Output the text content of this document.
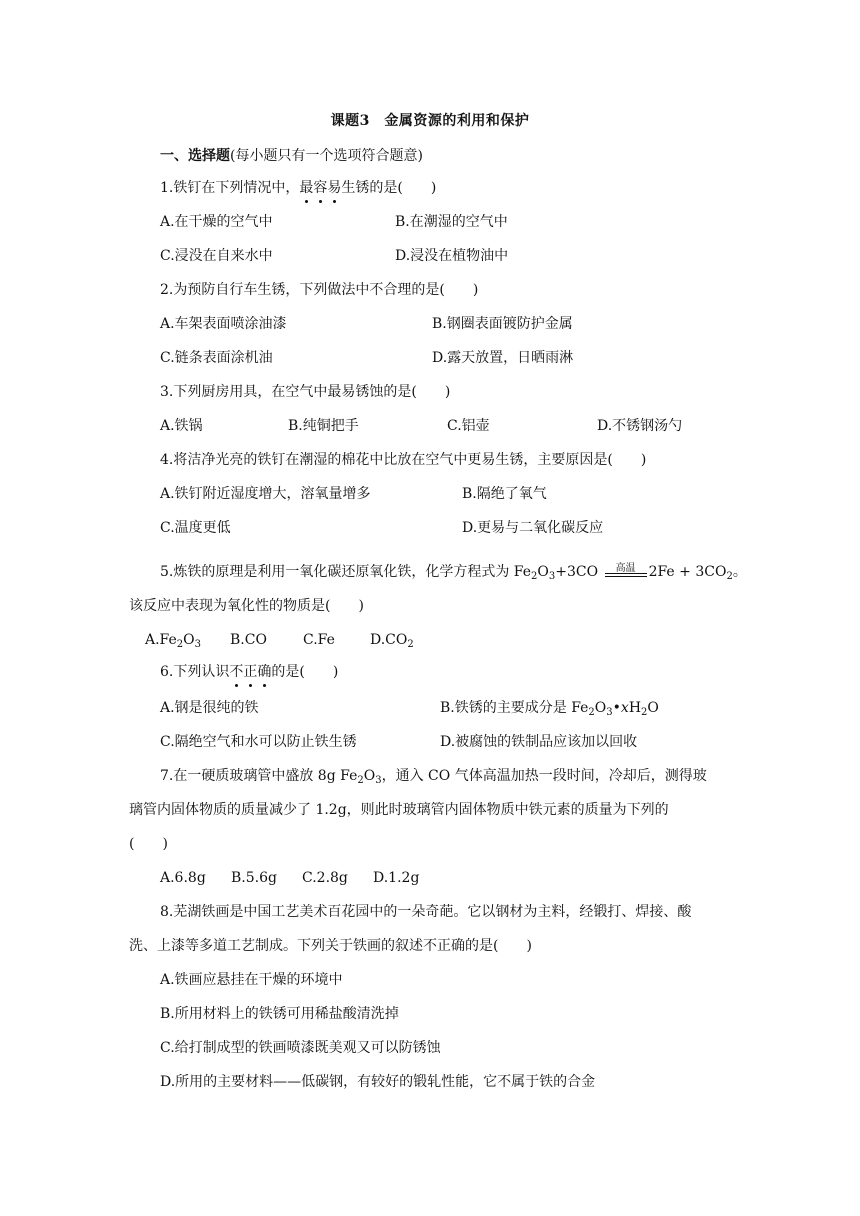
课题3　金属资源的利用和保护
一、选择题(每小题只有一个选项符合题意)
1.铁钉在下列情况中，最容易生锈的是(　　)
A.在干燥的空气中	B.在潮湿的空气中
C.浸没在自来水中	D.浸没在植物油中
2.为预防自行车生锈，下列做法中不合理的是(　　)
A.车架表面喷涂油漆	B.钢圈表面镀防护金属
C.链条表面涂机油	D.露天放置，日晒雨淋
3.下列厨房用具，在空气中最易锈蚀的是(　　)
A.铁锅	B.纯铜把手	C.铝壶	D.不锈钢汤勺
4.将洁净光亮的铁钉在潮湿的棉花中比放在空气中更易生锈，主要原因是(　　)
A.铁钉附近湿度增大，溶氧量增多	B.隔绝了氧气
C.温度更低	D.更易与二氧化碳反应
5.炼铁的原理是利用一氧化碳还原氧化铁，化学方程式为 $Fe_2O_3+3CO$	高温 $2Fe + 3CO_2$。
该反应中表现为氧化性的物质是(　　)
$A.Fe_2O_3$ B.CO	C.Fe	$D.CO_2$
6.下列认识不正确的是(　　)
A.钢是很纯的铁	B.铁锈的主要成分是 $Fe_2O_3•xH_2O$
C.隔绝空气和水可以防止铁生锈	D.被腐蚀的铁制品应该加以回收
7.在一硬质玻璃管中盛放 8g $Fe_2O_3$，通入 CO 气体高温加热一段时间，冷却后，测得玻
璃管内固体物质的质量减少了 1.2g，则此时玻璃管内固体物质中铁元素的质量为下列的
(　　)
A.6.8g B.5.6g C.2.8g D.1.2g
8.芜湖铁画是中国工艺美术百花园中的一朵奇葩。它以钢材为主料，经锻打、焊接、酸
洗、上漆等多道工艺制成。下列关于铁画的叙述不正确的是(　　)
A.铁画应悬挂在干燥的环境中
B.所用材料上的铁锈可用稀盐酸清洗掉
C.给打制成型的铁画喷漆既美观又可以防锈蚀
D.所用的主要材料——低碳钢，有较好的锻轧性能，它不属于铁的合金
